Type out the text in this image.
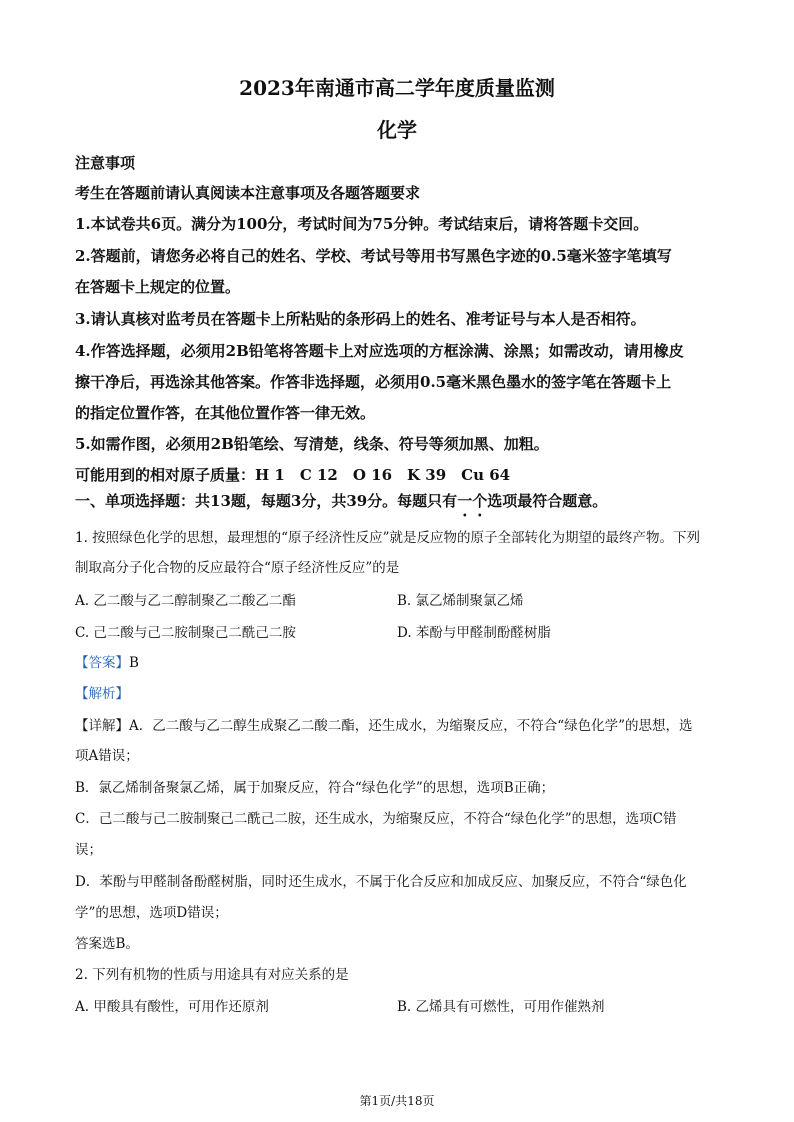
2023年南通市高二学年度质量监测
化学
注意事项
考生在答题前请认真阅读本注意事项及各题答题要求
1.本试卷共6页。满分为100分，考试时间为75分钟。考试结束后，请将答题卡交回。
2.答题前，请您务必将自己的姓名、学校、考试号等用书写黑色字迹的0.5毫米签字笔填写
在答题卡上规定的位置。
3.请认真核对监考员在答题卡上所粘贴的条形码上的姓名、准考证号与本人是否相符。
4.作答选择题，必须用2B铅笔将答题卡上对应选项的方框涂满、涂黑；如需改动，请用橡皮
擦干净后，再选涂其他答案。作答非选择题，必须用0.5毫米黑色墨水的签字笔在答题卡上
的指定位置作答，在其他位置作答一律无效。
5.如需作图，必须用2B铅笔绘、写清楚，线条、符号等须加黑、加粗。
可能用到的相对原子质量：H 1　C 12　O 16　K 39　Cu 64
一、单项选择题：共13题，每题3分，共39分。每题只有一个选项最符合题意。
1. 按照绿色化学的思想，最理想的“原子经济性反应”就是反应物的原子全部转化为期望的最终产物。下列
制取高分子化合物的反应最符合“原子经济性反应”的是
A. 乙二酸与乙二醇制聚乙二酸乙二酯	B. 氯乙烯制聚氯乙烯
C. 己二酸与己二胺制聚己二酰己二胺	D. 苯酚与甲醛制酚醛树脂
【答案】B
【解析】
【详解】A．乙二酸与乙二醇生成聚乙二酸二酯，还生成水，为缩聚反应，不符合“绿色化学”的思想，选
项A错误；
B．氯乙烯制备聚氯乙烯，属于加聚反应，符合“绿色化学”的思想，选项B正确；
C．己二酸与己二胺制聚己二酰己二胺，还生成水，为缩聚反应，不符合“绿色化学”的思想，选项C错
误；
D．苯酚与甲醛制备酚醛树脂，同时还生成水，不属于化合反应和加成反应、加聚反应，不符合“绿色化
学”的思想，选项D错误；
答案选B。
2. 下列有机物的性质与用途具有对应关系的是
A. 甲酸具有酸性，可用作还原剂	B. 乙烯具有可燃性，可用作催熟剂
第1页/共18页
